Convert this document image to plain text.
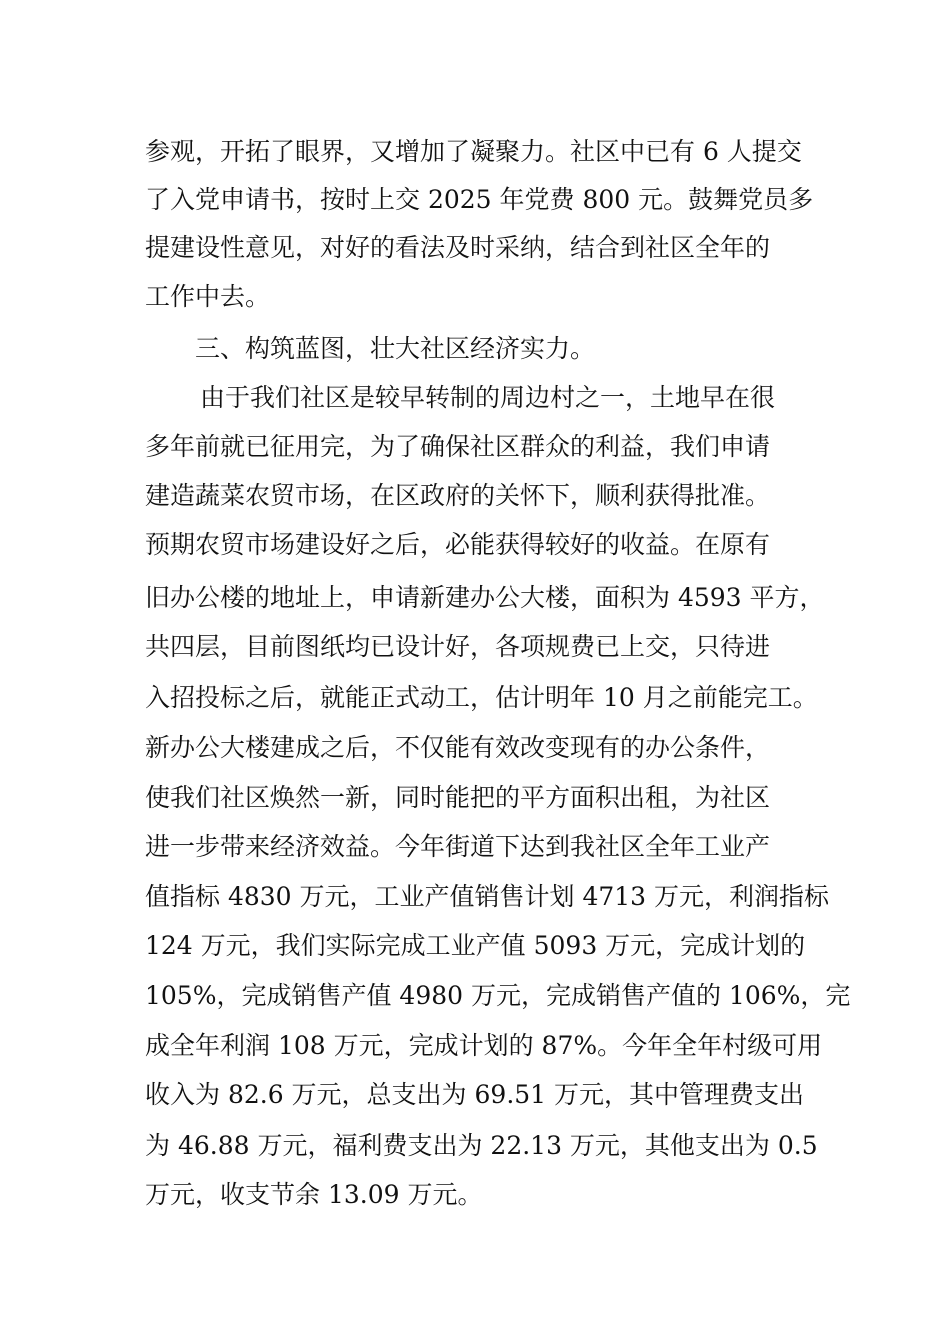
参观，开拓了眼界，又增加了凝聚力。社区中已有 6 人提交
了入党申请书，按时上交 2025 年党费 800 元。鼓舞党员多
提建设性意见，对好的看法及时采纳，结合到社区全年的
工作中去。
三、构筑蓝图，壮大社区经济实力。
由于我们社区是较早转制的周边村之一，土地早在很
多年前就已征用完，为了确保社区群众的利益，我们申请
建造蔬菜农贸市场，在区政府的关怀下，顺利获得批准。
预期农贸市场建设好之后，必能获得较好的收益。在原有
旧办公楼的地址上，申请新建办公大楼，面积为 4593 平方，
共四层，目前图纸均已设计好，各项规费已上交，只待进
入招投标之后，就能正式动工，估计明年 10 月之前能完工。
新办公大楼建成之后，不仅能有效改变现有的办公条件，
使我们社区焕然一新，同时能把的平方面积出租，为社区
进一步带来经济效益。今年街道下达到我社区全年工业产
值指标 4830 万元，工业产值销售计划 4713 万元，利润指标
124 万元，我们实际完成工业产值 5093 万元，完成计划的
105%，完成销售产值 4980 万元，完成销售产值的 106%，完
成全年利润 108 万元，完成计划的 87%。今年全年村级可用
收入为 82.6 万元，总支出为 69.51 万元，其中管理费支出
为 46.88 万元，福利费支出为 22.13 万元，其他支出为 0.5
万元，收支节余 13.09 万元。
